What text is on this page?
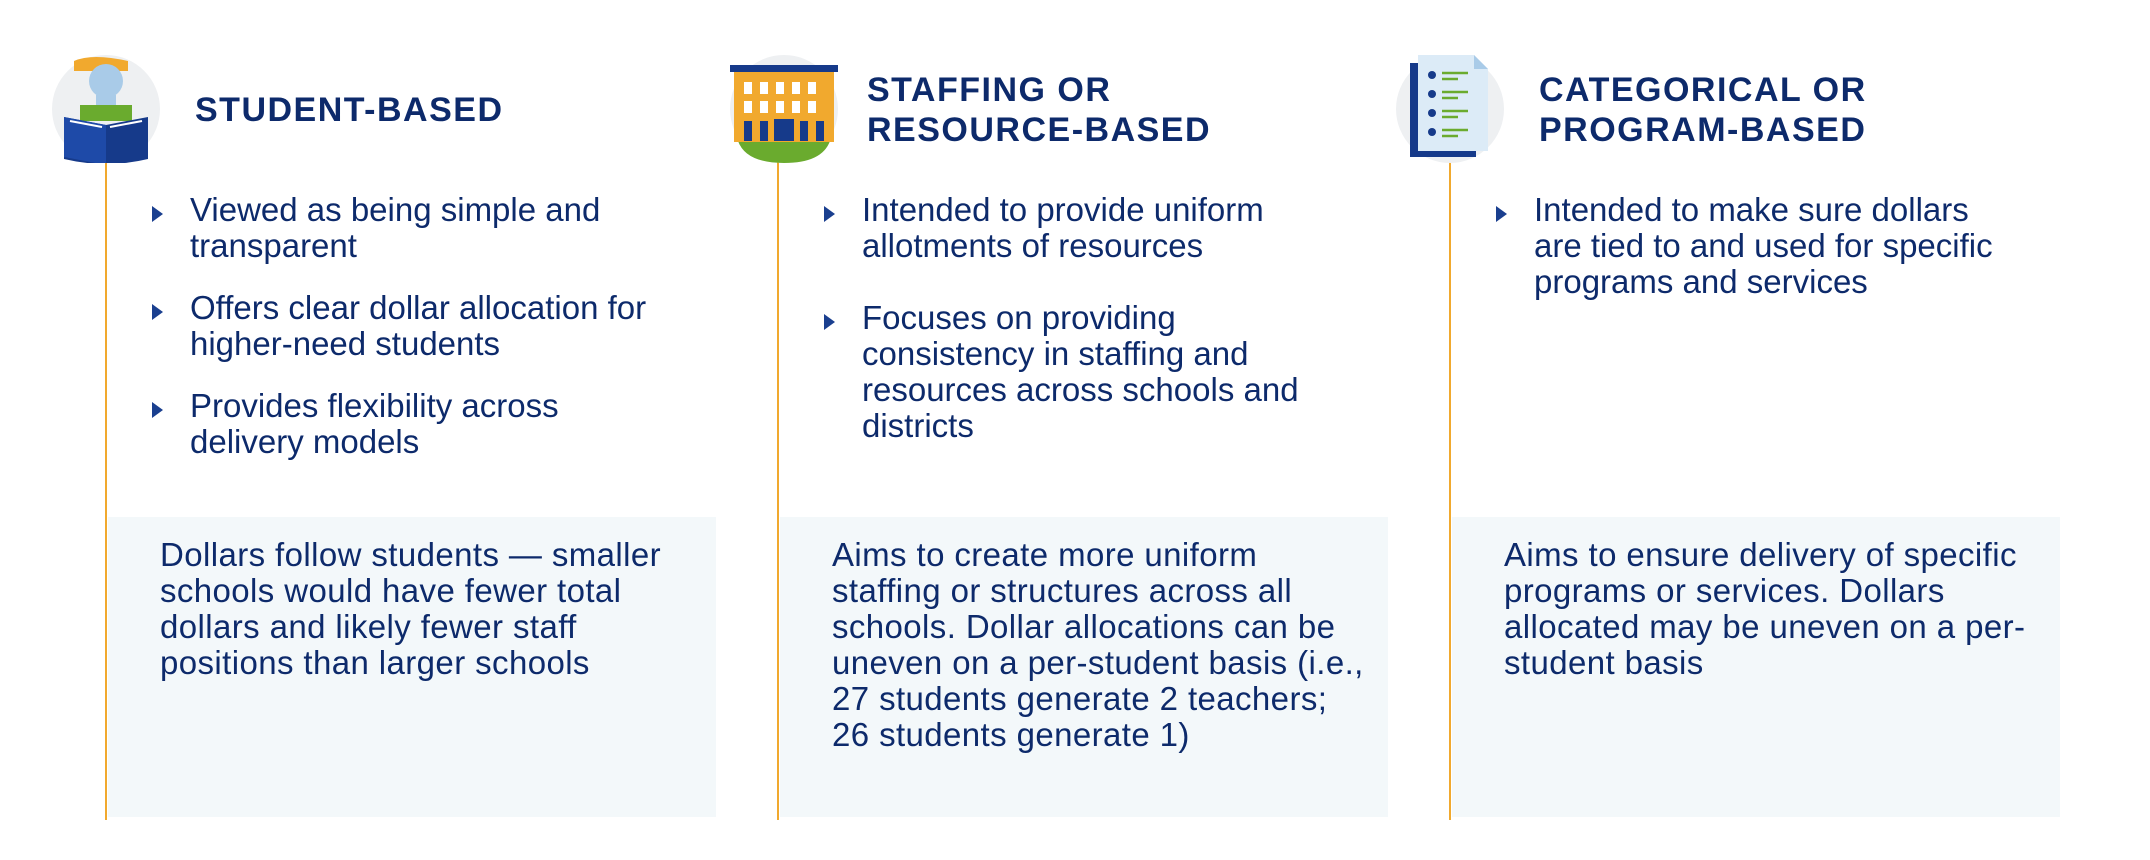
STUDENT-BASED
Viewed as being simple and transparent
Offers clear dollar allocation for higher-need students
Provides flexibility across delivery models

Dollars follow students — smaller schools would have fewer total dollars and likely fewer staff positions than larger schools

STAFFING OR
RESOURCE-BASED
Intended to provide uniform allotments of resources
Focuses on providing consistency in staffing and resources across schools and districts

Aims to create more uniform staffing or structures across all schools. Dollar allocations can be uneven on a per-student basis (i.e., 27 students generate 2 teachers; 26 students generate 1)

CATEGORICAL OR
PROGRAM-BASED
Intended to make sure dollars are tied to and used for specific programs and services

Aims to ensure delivery of specific programs or services. Dollars allocated may be uneven on a per-student basis
